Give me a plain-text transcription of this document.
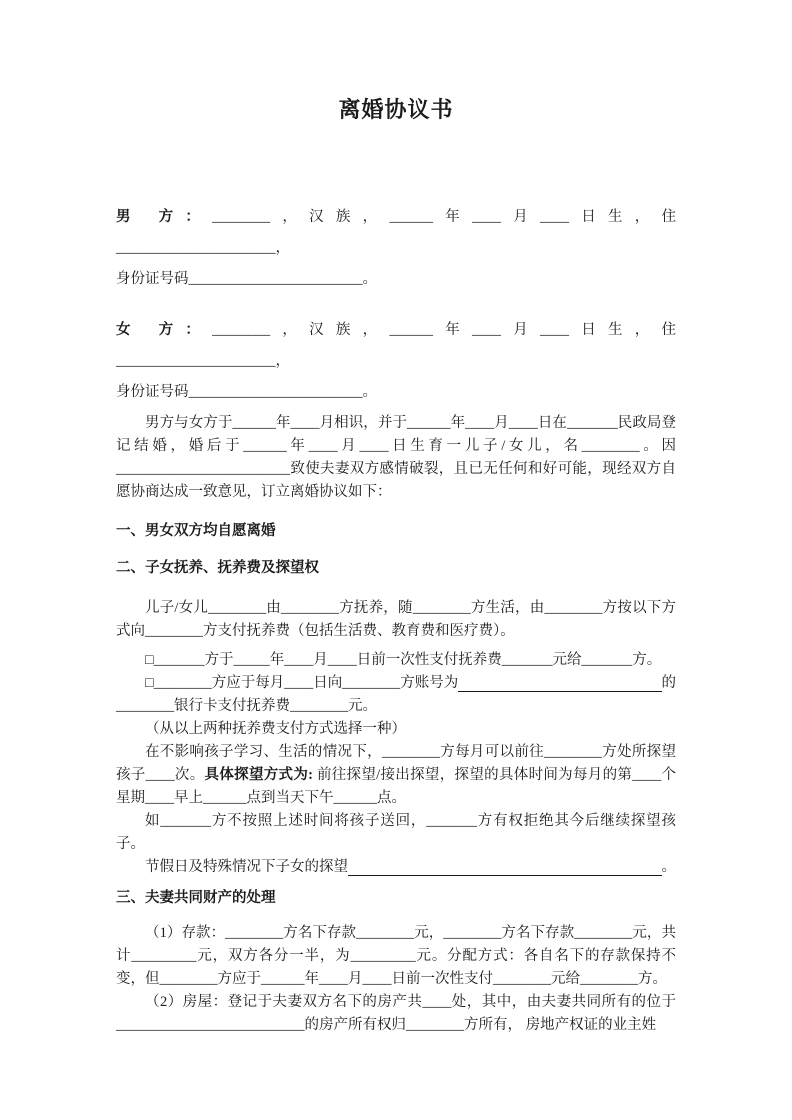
离婚协议书
男 方：________，汉族，______年____月____日生，住
______________________，
身份证号码________________________。
女 方：________，汉族，______年____月____日生，住
______________________，
身份证号码________________________。
男方与女方于______年____月相识，并于______年____月____日在_______民政局登记结婚，婚后于______年____月____日生育一儿子/女儿，名________。因________________________致使夫妻双方感情破裂，且已无任何和好可能，现经双方自愿协商达成一致意见，订立离婚协议如下：
一、男女双方均自愿离婚
二、子女抚养、抚养费及探望权
儿子/女儿________由________方抚养，随________方生活，由________方按以下方式向________方支付抚养费（包括生活费、教育费和医疗费）。
□_______方于_____年____月____日前一次性支付抚养费_______元给_______方。
□________方应于每月____日向________方账号为	的
________银行卡支付抚养费________元。
（从以上两种抚养费支付方式选择一种）
在不影响孩子学习、生活的情况下，________方每月可以前往________方处所探望孩子____次。具体探望方式为: 前往探望/接出探望，探望的具体时间为每月的第____个星期____早上______点到当天下午______点。
如_______方不按照上述时间将孩子送回，_______方有权拒绝其今后继续探望孩子。
节假日及特殊情况下子女的探望	。
三、夫妻共同财产的处理
（1）存款：________方名下存款________元，________方名下存款________元，共计_________元，双方各分一半，为_________元。分配方式：各自名下的存款保持不变，但________方应于______年____月____日前一次性支付________元给________方。
（2）房屋：登记于夫妻双方名下的房产共____处，其中，由夫妻共同所有的位于__________________________的房产所有权归________方所有， 房地产权证的业主姓
